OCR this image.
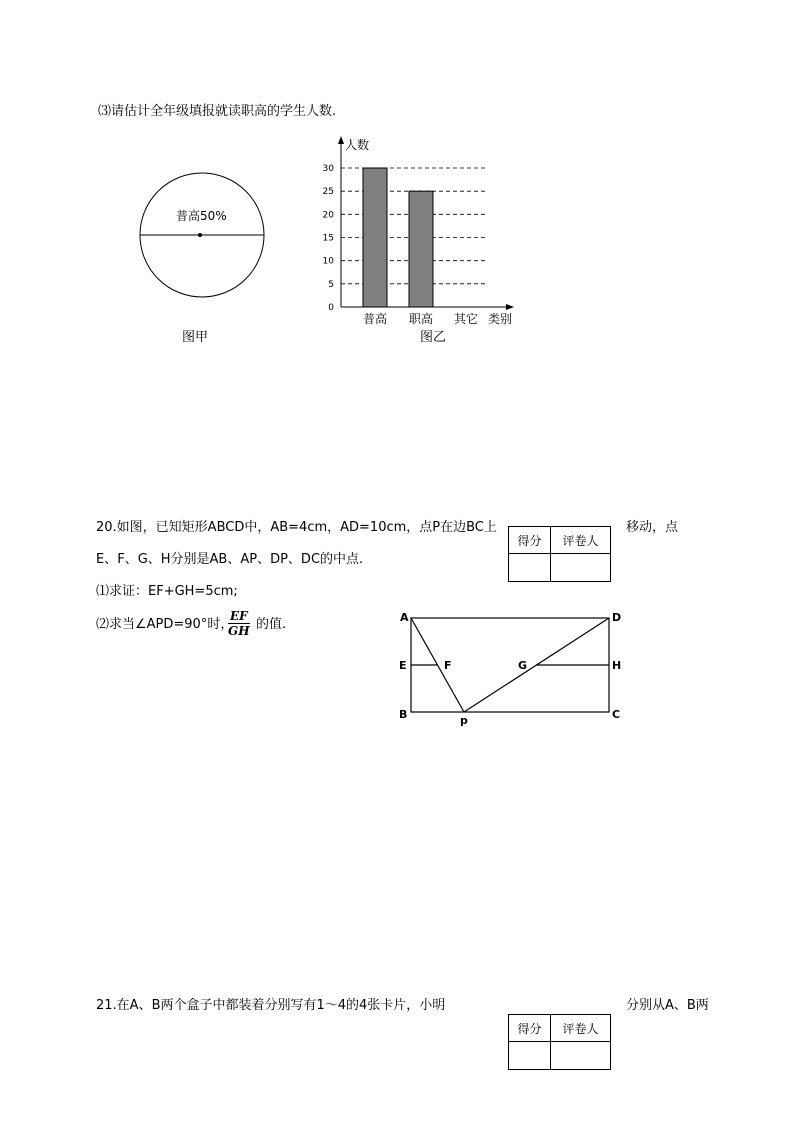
⑶请估计全年级填报就读职高的学生人数.
普高50%
图甲
人数
0
5
10
15
20
25
30
普高 职高 其它 类别
图乙
20.如图，已知矩形ABCD中，AB=4cm，AD=10cm，点P在边BC上	移动，点
得分	评卷人

E、F、G、H分别是AB、AP、DP、DC的中点.
⑴求证：EF+GH=5cm;
⑵求当∠APD=90°时，
$\frac{EF}{GH}$ 的值.	A	D
E	F	G	H
B	p	C
21.在A、B两个盒子中都装着分别写有1～4的4张卡片，小明	分别从A、B两
得分	评卷人
